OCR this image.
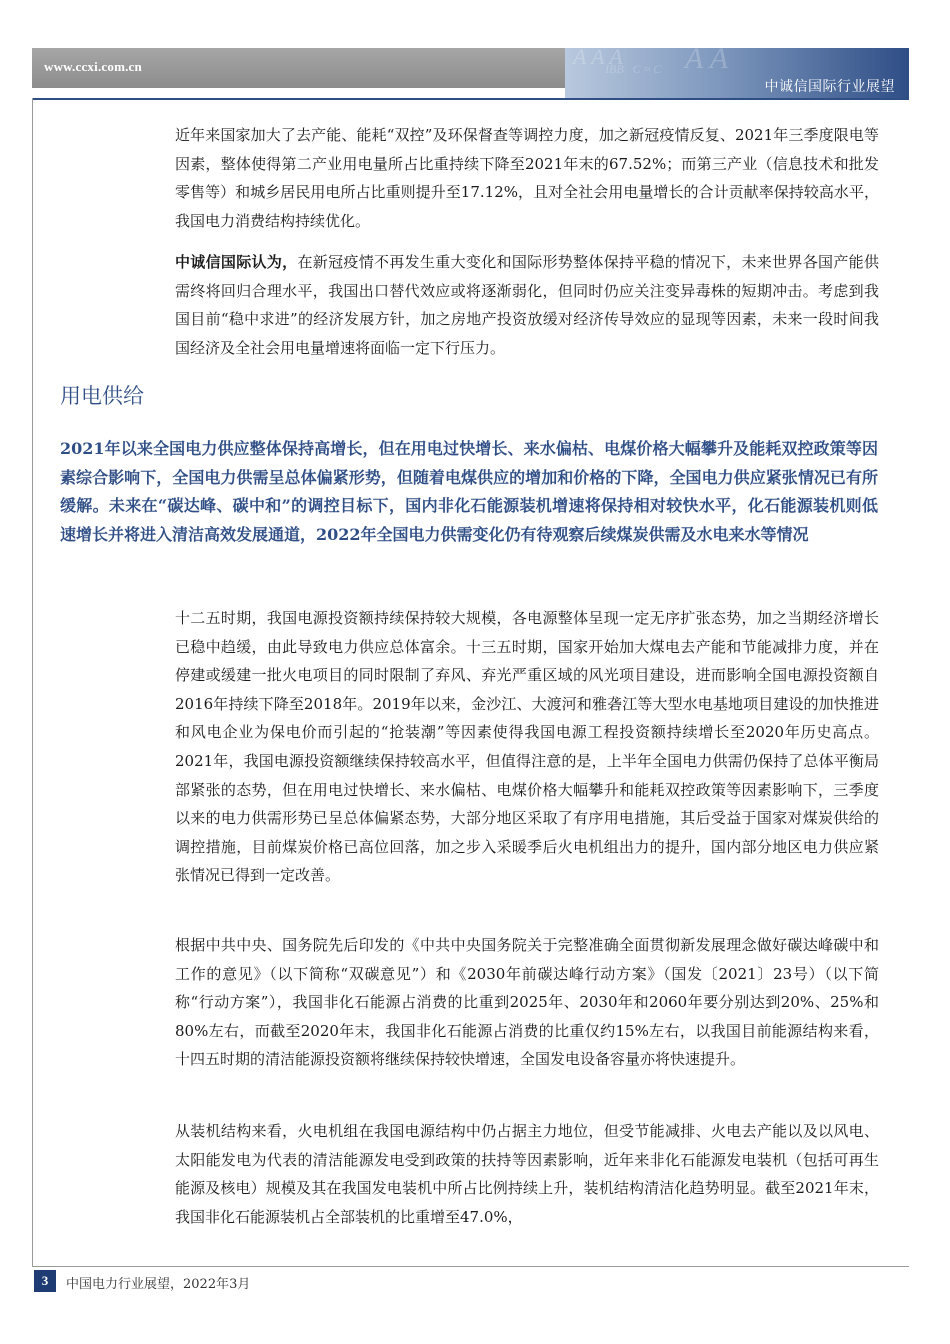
www.ccxi.com.cn	A A A
IBB   C ≈ C A A
中诚信国际行业展望

近年来国家加大了去产能、能耗“双控”及环保督查等调控力度，加之新冠疫情反复、2021年三季度限电等因素，整体使得第二产业用电量所占比重持续下降至2021年末的67.52%；而第三产业（信息技术和批发零售等）和城乡居民用电所占比重则提升至17.12%，且对全社会用电量增长的合计贡献率保持较高水平，我国电力消费结构持续优化。

中诚信国际认为，在新冠疫情不再发生重大变化和国际形势整体保持平稳的情况下，未来世界各国产能供需终将回归合理水平，我国出口替代效应或将逐渐弱化，但同时仍应关注变异毒株的短期冲击。考虑到我国目前“稳中求进”的经济发展方针，加之房地产投资放缓对经济传导效应的显现等因素，未来一段时间我国经济及全社会用电量增速将面临一定下行压力。

用电供给

2021年以来全国电力供应整体保持高增长，但在用电过快增长、来水偏枯、电煤价格大幅攀升及能耗双控政策等因素综合影响下，全国电力供需呈总体偏紧形势，但随着电煤供应的增加和价格的下降，全国电力供应紧张情况已有所缓解。未来在“碳达峰、碳中和”的调控目标下，国内非化石能源装机增速将保持相对较快水平，化石能源装机则低速增长并将进入清洁高效发展通道，2022年全国电力供需变化仍有待观察后续煤炭供需及水电来水等情况

十二五时期，我国电源投资额持续保持较大规模，各电源整体呈现一定无序扩张态势，加之当期经济增长已稳中趋缓，由此导致电力供应总体富余。十三五时期，国家开始加大煤电去产能和节能减排力度，并在停建或缓建一批火电项目的同时限制了弃风、弃光严重区域的风光项目建设，进而影响全国电源投资额自2016年持续下降至2018年。2019年以来，金沙江、大渡河和雅砻江等大型水电基地项目建设的加快推进和风电企业为保电价而引起的“抢装潮”等因素使得我国电源工程投资额持续增长至2020年历史高点。2021年，我国电源投资额继续保持较高水平，但值得注意的是，上半年全国电力供需仍保持了总体平衡局部紧张的态势，但在用电过快增长、来水偏枯、电煤价格大幅攀升和能耗双控政策等因素影响下，三季度以来的电力供需形势已呈总体偏紧态势，大部分地区采取了有序用电措施，其后受益于国家对煤炭供给的调控措施，目前煤炭价格已高位回落，加之步入采暖季后火电机组出力的提升，国内部分地区电力供应紧张情况已得到一定改善。

根据中共中央、国务院先后印发的《中共中央国务院关于完整准确全面贯彻新发展理念做好碳达峰碳中和工作的意见》（以下简称“双碳意见”）和《2030年前碳达峰行动方案》（国发〔2021〕23号）（以下简称“行动方案”），我国非化石能源占消费的比重到2025年、2030年和2060年要分别达到20%、25%和80%左右，而截至2020年末，我国非化石能源占消费的比重仅约15%左右，以我国目前能源结构来看，十四五时期的清洁能源投资额将继续保持较快增速，全国发电设备容量亦将快速提升。

从装机结构来看，火电机组在我国电源结构中仍占据主力地位，但受节能减排、火电去产能以及以风电、太阳能发电为代表的清洁能源发电受到政策的扶持等因素影响，近年来非化石能源发电装机（包括可再生能源及核电）规模及其在我国发电装机中所占比例持续上升，装机结构清洁化趋势明显。截至2021年末，我国非化石能源装机占全部装机的比重增至47.0%，

3	中国电力行业展望，2022年3月
